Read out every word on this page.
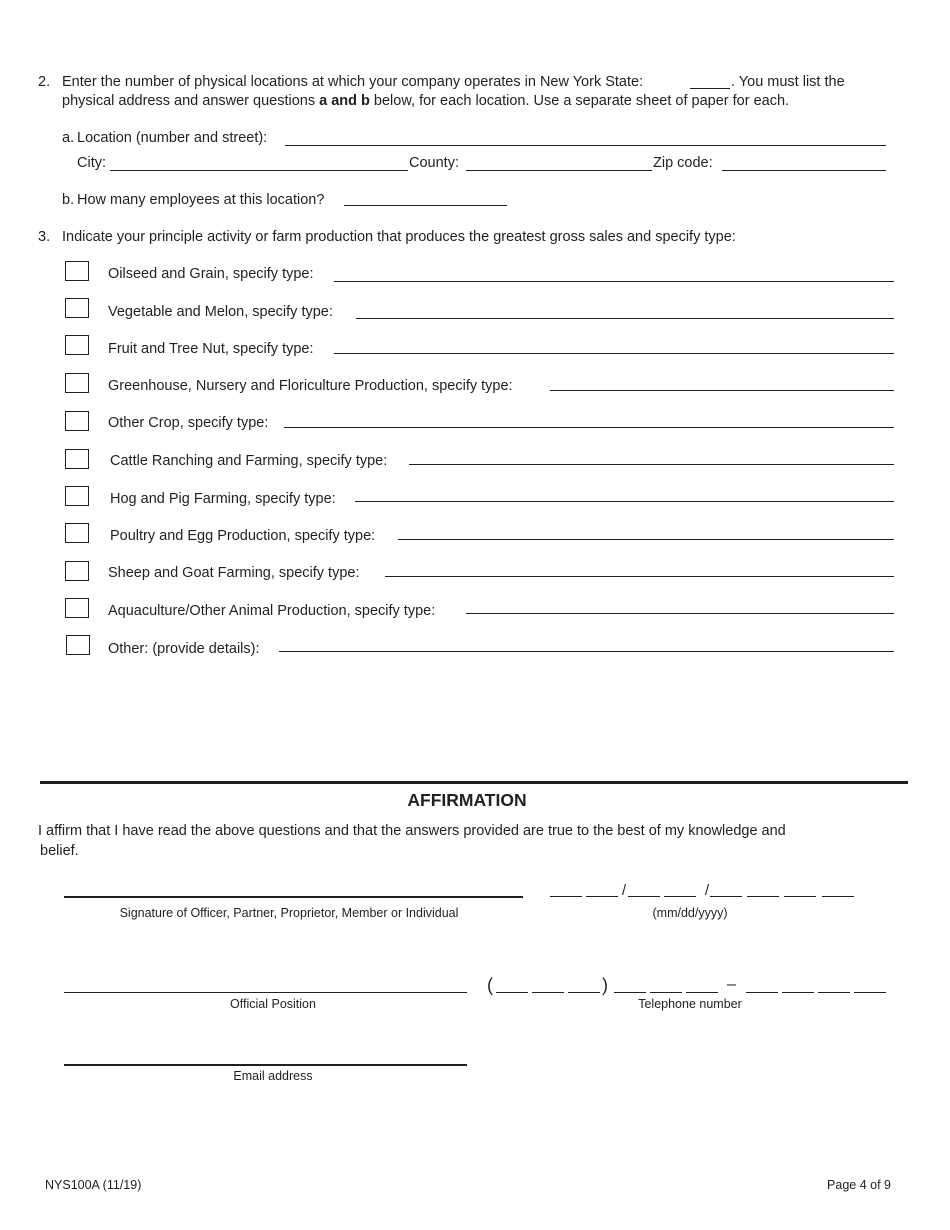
2. Enter the number of physical locations at which your company operates in New York State:	. You must list the
physical address and answer questions a and b below, for each location. Use a separate sheet of paper for each.
a. Location (number and street):
City:	County:	Zip code:
b. How many employees at this location?
3. Indicate your principle activity or farm production that produces the greatest gross sales and specify type:
Oilseed and Grain, specify type:
Vegetable and Melon, specify type:
Fruit and Tree Nut, specify type:
Greenhouse, Nursery and Floriculture Production, specify type:
Other Crop, specify type:
Cattle Ranching and Farming, specify type:
Hog and Pig Farming, specify type:
Poultry and Egg Production, specify type:
Sheep and Goat Farming, specify type:
Aquaculture/Other Animal Production, specify type:
Other: (provide details):
AFFIRMATION
I affirm that I have read the above questions and that the answers provided are true to the best of my knowledge and
belief.
Signature of Officer, Partner, Proprietor, Member or Individual
/	/
(mm/dd/yyyy)
Official Position
(	)	–
Telephone number
Email address
NYS100A (11/19)	Page 4 of 9
